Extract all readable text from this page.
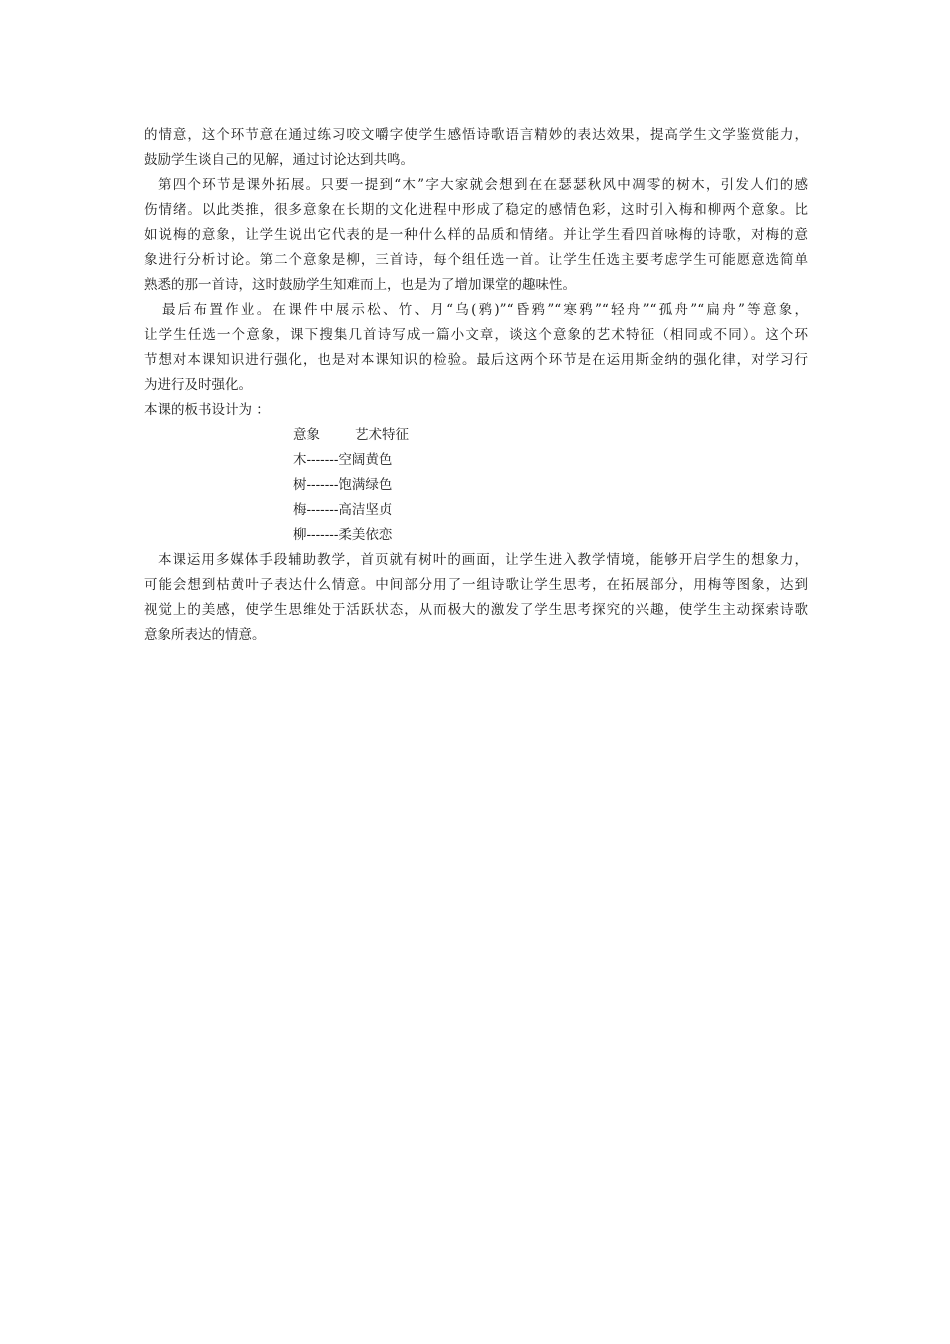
的情意，这个环节意在通过练习咬文嚼字使学生感悟诗歌语言精妙的表达效果，提高学生文学鉴赏能力，
鼓励学生谈自己的见解，通过讨论达到共鸣。
第四个环节是课外拓展。只要一提到“木”字大家就会想到在在瑟瑟秋风中凋零的树木，引发人们的感
伤情绪。以此类推，很多意象在长期的文化进程中形成了稳定的感情色彩，这时引入梅和柳两个意象。比
如说梅的意象，让学生说出它代表的是一种什么样的品质和情绪。并让学生看四首咏梅的诗歌，对梅的意
象进行分析讨论。第二个意象是柳，三首诗，每个组任选一首。让学生任选主要考虑学生可能愿意选简单
熟悉的那一首诗，这时鼓励学生知难而上，也是为了增加课堂的趣味性。
最后布置作业。在课件中展示松、竹、月“乌(鸦)”“昏鸦”“寒鸦”“轻舟”“孤舟”“扁舟”等意象，
让学生任选一个意象，课下搜集几首诗写成一篇小文章，谈这个意象的艺术特征（相同或不同）。这个环
节想对本课知识进行强化，也是对本课知识的检验。最后这两个环节是在运用斯金纳的强化律，对学习行
为进行及时强化。
本课的板书设计为 ：
意象	艺术特征
木-------空阔黄色
树-------饱满绿色
梅-------高洁坚贞
柳-------柔美依恋
本课运用多媒体手段辅助教学，首页就有树叶的画面，让学生进入教学情境，能够开启学生的想象力，
可能会想到枯黄叶子表达什么情意。中间部分用了一组诗歌让学生思考，在拓展部分，用梅等图象，达到
视觉上的美感，使学生思维处于活跃状态，从而极大的激发了学生思考探究的兴趣，使学生主动探索诗歌
意象所表达的情意。
